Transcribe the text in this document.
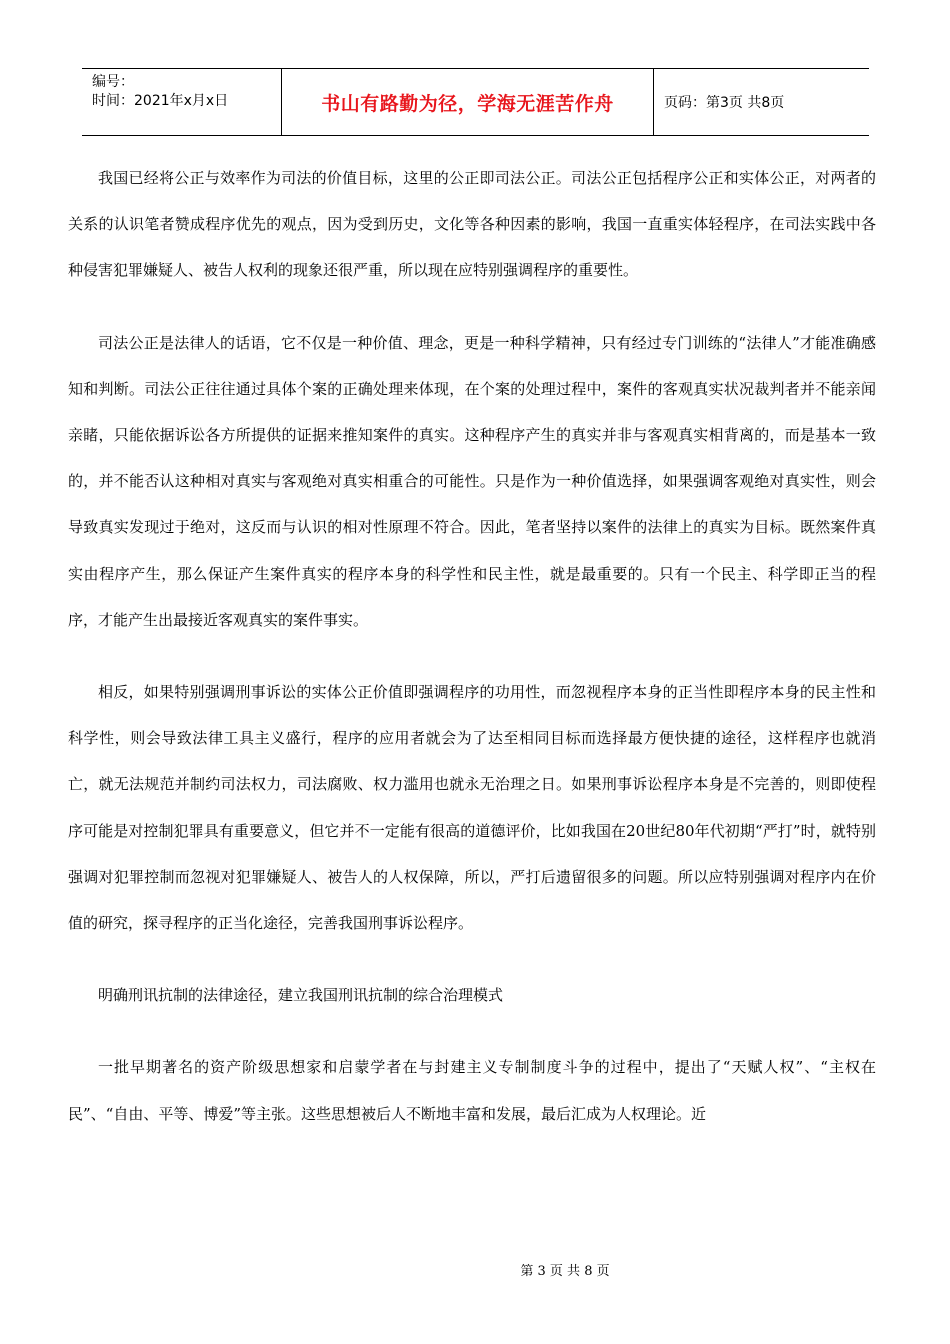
编号：
时间：2021年x月x日	书山有路勤为径，学海无涯苦作舟	页码：第3页 共8页

我国已经将公正与效率作为司法的价值目标，这里的公正即司法公正。司法公正包括程序公正和实体公正，对两者的关系的认识笔者赞成程序优先的观点，因为受到历史，文化等各种因素的影响，我国一直重实体轻程序，在司法实践中各种侵害犯罪嫌疑人、被告人权利的现象还很严重，所以现在应特别强调程序的重要性。

司法公正是法律人的话语，它不仅是一种价值、理念，更是一种科学精神，只有经过专门训练的“法律人”才能准确感知和判断。司法公正往往通过具体个案的正确处理来体现，在个案的处理过程中，案件的客观真实状况裁判者并不能亲闻亲睹，只能依据诉讼各方所提供的证据来推知案件的真实。这种程序产生的真实并非与客观真实相背离的，而是基本一致的，并不能否认这种相对真实与客观绝对真实相重合的可能性。只是作为一种价值选择，如果强调客观绝对真实性，则会导致真实发现过于绝对，这反而与认识的相对性原理不符合。因此，笔者坚持以案件的法律上的真实为目标。既然案件真实由程序产生，那么保证产生案件真实的程序本身的科学性和民主性，就是最重要的。只有一个民主、科学即正当的程序，才能产生出最接近客观真实的案件事实。

相反，如果特别强调刑事诉讼的实体公正价值即强调程序的功用性，而忽视程序本身的正当性即程序本身的民主性和科学性，则会导致法律工具主义盛行，程序的应用者就会为了达至相同目标而选择最方便快捷的途径，这样程序也就消亡，就无法规范并制约司法权力，司法腐败、权力滥用也就永无治理之日。如果刑事诉讼程序本身是不完善的，则即使程序可能是对控制犯罪具有重要意义，但它并不一定能有很高的道德评价，比如我国在20世纪80年代初期“严打”时，就特别强调对犯罪控制而忽视对犯罪嫌疑人、被告人的人权保障，所以，严打后遗留很多的问题。所以应特别强调对程序内在价值的研究，探寻程序的正当化途径，完善我国刑事诉讼程序。

明确刑讯抗制的法律途径，建立我国刑讯抗制的综合治理模式

一批早期著名的资产阶级思想家和启蒙学者在与封建主义专制制度斗争的过程中，提出了“天赋人权”、“主权在民”、“自由、平等、博爱”等主张。这些思想被后人不断地丰富和发展，最后汇成为人权理论。近

第 3 页 共 8 页
